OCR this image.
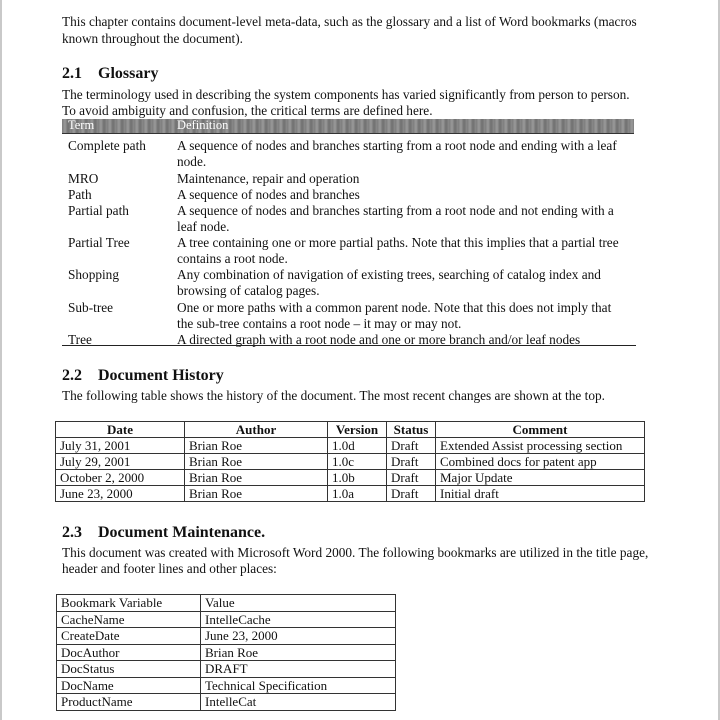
This chapter contains document-level meta-data, such as the glossary and a list of Word bookmarks (macros known throughout the document).
2.1 Glossary
The terminology used in describing the system components has varied significantly from person to person. To avoid ambiguity and confusion, the critical terms are defined here.
Term	Definition
Complete path	A sequence of nodes and branches starting from a root node and ending with a leaf node.
MRO	Maintenance, repair and operation
Path	A sequence of nodes and branches
Partial path	A sequence of nodes and branches starting from a root node and not ending with a leaf node.
Partial Tree	A tree containing one or more partial paths. Note that this implies that a partial tree contains a root node.
Shopping	Any combination of navigation of existing trees, searching of catalog index and browsing of catalog pages.
Sub-tree	One or more paths with a common parent node. Note that this does not imply that the sub-tree contains a root node – it may or may not.
Tree	A directed graph with a root node and one or more branch and/or leaf nodes
2.2 Document History
The following table shows the history of the document. The most recent changes are shown at the top.
Date	Author	Version	Status	Comment
July 31, 2001	Brian Roe	1.0d	Draft	Extended Assist processing section
July 29, 2001	Brian Roe	1.0c	Draft	Combined docs for patent app
October 2, 2000	Brian Roe	1.0b	Draft	Major Update
June 23, 2000	Brian Roe	1.0a	Draft	Initial draft
2.3 Document Maintenance.
This document was created with Microsoft Word 2000. The following bookmarks are utilized in the title page, header and footer lines and other places:
Bookmark Variable	Value
CacheName	IntelleCache
CreateDate	June 23, 2000
DocAuthor	Brian Roe
DocStatus	DRAFT
DocName	Technical Specification
ProductName	IntelleCat
